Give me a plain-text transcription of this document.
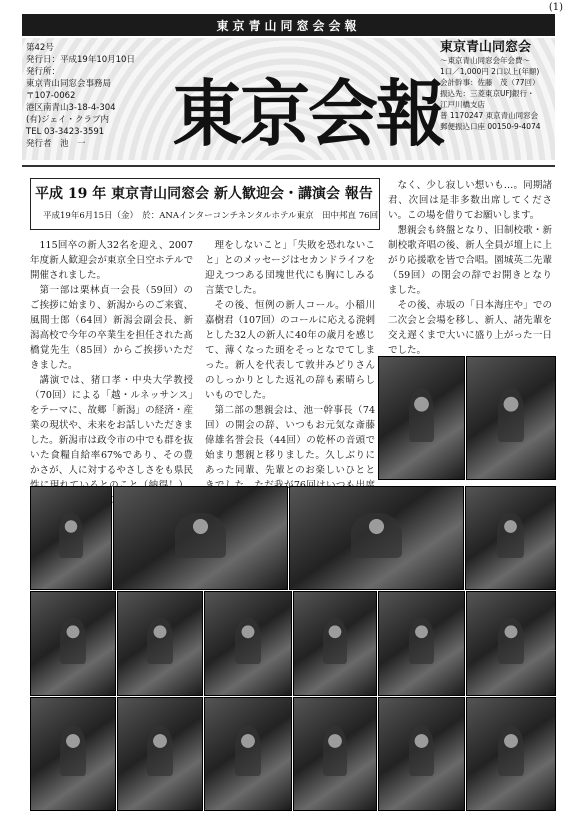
(1)
東京青山同窓会会報
第42号
発行日：平成19年10月10日
発行所：
東京青山同窓会事務局
〒107-0062
港区南青山3-18-4-304
(有)ジェイ・クラブ内
TEL 03-3423-3591
発行者　池　一	東京会報
東京青山同窓会
〜東京青山同窓会年会費〜
1口／1,000円 2口以上(年額)
会計幹事：佐藤　茂（77回）
振込先：三菱東京UFJ銀行・
江戸川橋支店
普 1170247 東京青山同窓会
郵便振込口座 00150-9-4074
平成 19 年 東京青山同窓会 新人歓迎会・講演会 報告
平成19年6月15日（金）　於：ANAインターコンチネンタルホテル東京　田中邦直 76回

115回卒の新人32名を迎え、2007年度新人歓迎会が東京全日空ホテルで開催されました。

第一部は栗林貞一会長（59回）のご挨拶に始まり、新潟からのご来賓、風間士郎（64回）新潟会副会長、新潟高校で今年の卒業生を担任された髙橋覚先生（85回）からご挨拶いただきました。

講演では、猪口孝・中央大学教授（70回）による「越・ルネッサンス」をテーマに、故郷「新潟」の経済・産業の現状や、未来をお話しいただきました。新潟市は政令市の中でも群を抜いた食糧自給率67%であり、その豊かさが、人に対するやさしさをも県民

理をしないこと」「失敗を恐れないこと」とのメッセージはセカンドライフを迎えつつある団塊世代にも胸にしみる言葉でした。

その後、恒例の新人コール。小稲川嘉樹君（107回）のコールに応える溌剌とした32人の新人に40年の歳月を感じて、薄くなった頭をそっとなでてしまった。新人を代表して敦井みどりさんのしっかりとした返礼の辞も素晴らしいものでした。

第二部の懇親会は、池一幹事長（74回）の開会の辞、いつもお元気な斎藤偉雄名誉会長（44回）の乾杯の音頭で始まり懇親と移りました。久しぶりにあった同輩、先輩とのお楽しいひとと

なく、少し寂しい想いも…。同期諸君、次回は是非多数出席してください。この場を借りてお願いします。

懇親会も終盤となり、旧制校歌・新制校歌斉唱の後、新人全員が壇上に上がり応援歌を皆で合唱。園城英二先輩（59回）の閉会の辞でお開きとなりました。

その後、赤坂の「日本海庄や」での二次会と会場を移し、新人、諸先輩を交え遅くまで大いに盛り上がった一日でした。
